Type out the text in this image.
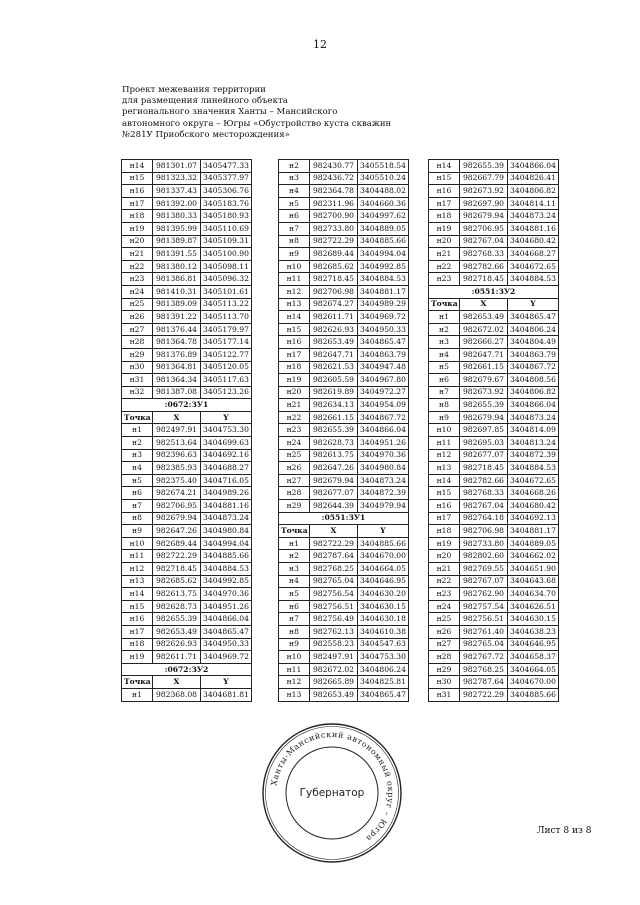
12
Проект межевания территории
для размещения линейного объекта
регионального значения Ханты – Мансийского
автономного округа – Югры «Обустройство куста скважин
№281У Приобского месторождения»
н14	981301.07	3405477.33
н15	981323.32	3405377.97
н16	981337.43	3405306.76
н17	981392.00	3405183.76
н18	981380.33	3405180.93
н19	981395.99	3405110.69
н20	981389.87	3405109.31
н21	981391.55	3405100.90
н22	981380.12	3405098.11
н23	981386.81	3405096.32
н24	981410.31	3405101.61
н25	981389.09	3405113.22
н26	981391.22	3405113.70
н27	981376.44	3405179.97
н28	981364.78	3405177.14
н29	981376.89	3405122.77
н30	981364.81	3405120.05
н31	981364.34	3405117.63
н32	981387.08	3405123.26
:0672:ЗУ1		
Точка	X	Y
н1	982497.91	3404753.30
н2	982513.64	3404699.63
н3	982396.63	3404692.16
н4	982385.93	3404688.27
н5	982375.40	3404716.05
н6	982674.21	3404989.26
н7	982706.95	3404881.16
н8	982679.94	3404873.24
н9	982647.26	3404980.84
н10	982689.44	3404994.04
н11	982722.29	3404885.66
н12	982718.45	3404884.53
н13	982685.62	3404992.85
н14	982613.75	3404970.36
н15	982628.73	3404951.26
н16	982655.39	3404866.04
н17	982653.49	3404865.47
н18	982626.93	3404950.33
н19	982611.71	3404969.72
:0672:ЗУ2		
Точка	X	Y
н1	982368.08	3404681.81
н2	982430.77	3405518.54
н3	982436.72	3405510.24
н4	982364.78	3404488.02
н5	982311.96	3404660.36
н6	982700.90	3404997.62
н7	982733.80	3404889.05
н8	982722.29	3404885.66
н9	982689.44	3404994.04
н10	982685.62	3404992.85
н11	982718.45	3404884.53
н12	982706.98	3404881.17
н13	982674.27	3404989.29
н14	982611.71	3404969.72
н15	982626.93	3404950.33
н16	982653.49	3404865.47
н17	982647.71	3404863.79
н18	982621.53	3404947.48
н19	982605.59	3404967.80
н20	982619.89	3404972.27
н21	982634.13	3404954.09
н22	982661.15	3404867.72
н23	982655.39	3404866.04
н24	982628.73	3404951.26
н25	982613.75	3404970.36
н26	982647.26	3404980.84
н27	982679.94	3404873.24
н28	982677.07	3404872.39
н29	982644.39	3404979.94
:0551:ЗУ1		
Точка	X	Y
н1	982722.29	3404885.66
н2	982787.64	3404670.00
н3	982768.25	3404664.05
н4	982765.04	3404646.95
н5	982756.54	3404630.20
н6	982756.51	3404630.15
н7	982756.49	3404630.18
н8	982762.13	3404610.38
н9	982558.23	3404547.63
н10	982497.91	3404753.30
н11	982672.02	3404806.24
н12	982665.89	3404825.81
н13	982653.49	3404865.47
н14	982655.39	3404866.04
н15	982667.79	3404826.41
н16	982673.92	3404806.82
н17	982697.90	3404814.11
н18	982679.94	3404873.24
н19	982706.95	3404881.16
н20	982767.04	3404680.42
н21	982768.33	3404668.27
н22	982782.66	3404672.65
н23	982718.45	3404884.53
:0551:ЗУ2		
Точка	X	Y
н1	982653.49	3404865.47
н2	982672.02	3404806.24
н3	982666.27	3404804.49
н4	982647.71	3404863.79
н5	982661.15	3404867.72
н6	982679.67	3404808.56
н7	982673.92	3404806.82
н8	982655.39	3404866.04
н9	982679.94	3404873.24
н10	982697.85	3404814.09
н11	982695.03	3404813.24
н12	982677.07	3404872.39
н13	982718.45	3404884.53
н14	982782.66	3404672.65
н15	982768.33	3404668.26
н16	982767.04	3404680.42
н17	982764.18	3404692.13
н18	982706.98	3404881.17
н19	982733.80	3404889.05
н20	982802.60	3404662.02
н21	982769.55	3404651.90
н22	982767.07	3404643.68
н23	982762.90	3404634.70
н24	982757.54	3404626.51
н25	982756.51	3404630.15
н26	982761.40	3404638.23
н27	982765.04	3404646.95
н28	982767.72	3404658.37
н29	982768.25	3404664.05
н30	982787.64	3404670.00
н31	982722.29	3404885.66
Ханты-Мансийский автономный округ – Югра
Губернатор
Лист 8 из 8
